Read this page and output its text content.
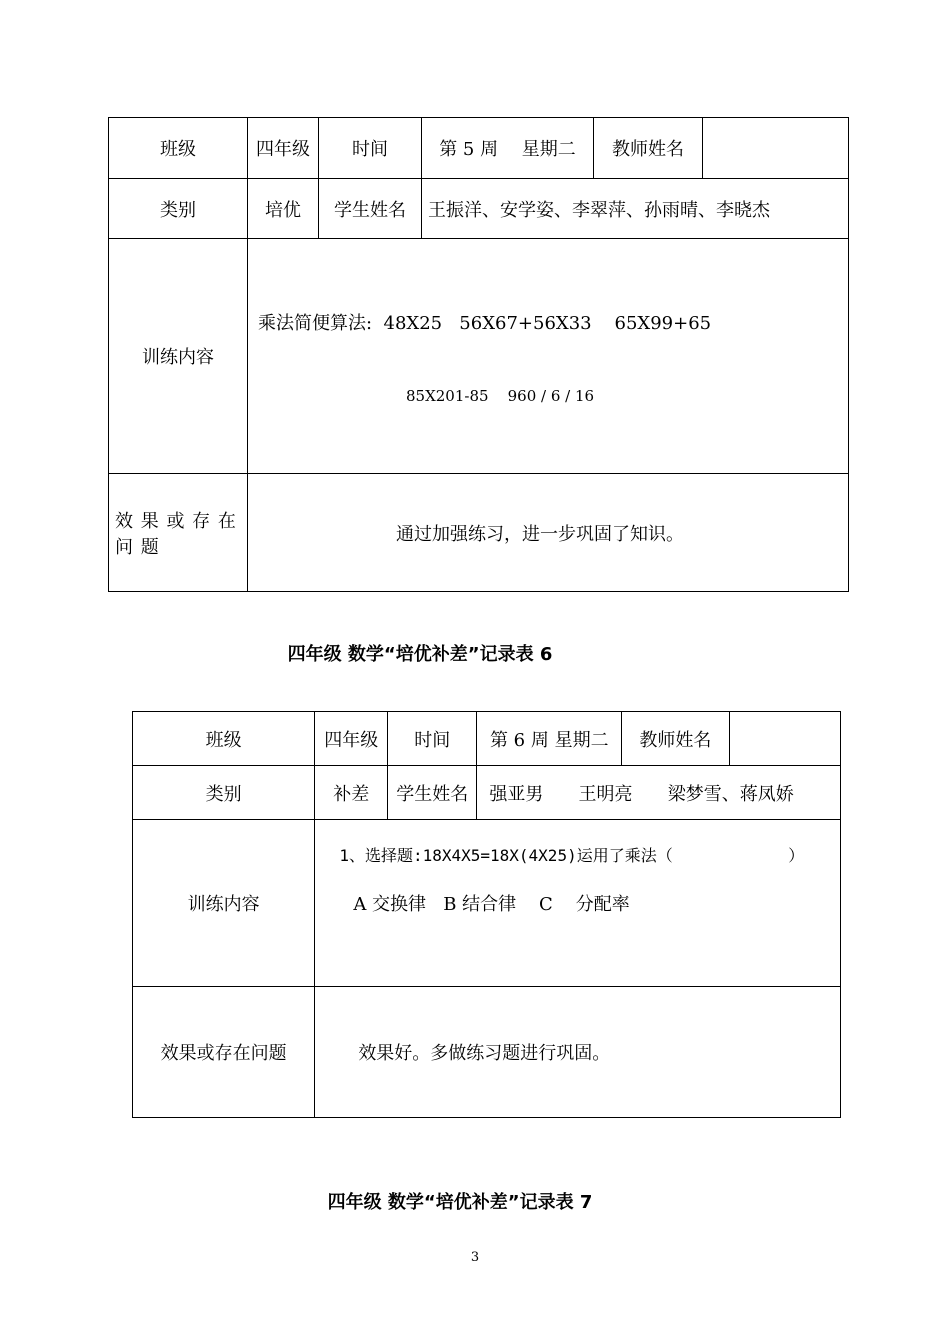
班级	四年级	时间	第 5 周　 星期二	教师姓名	
类别	培优	学生姓名	王振洋、安学姿、李翠萍、孙雨晴、李晓杰		
训练内容	乘法简便算法:  48X25   56X67+56X33    65X99+65
85X201-85    960 / 6 / 16				

效 果 或 存 在 问 题	通过加强练习，进一步巩固了知识。				
四年级 数学“培优补差”记录表 6
班级	四年级	时间	第 6 周 星期二	教师姓名	
类别	补差	学生姓名	强亚男　   王明亮　   梁梦雪、蒋凤娇		
训练内容	1、选择题:18X4X5=18X(4X25)运用了乘法（            ）
A 交换律   B 结合律    C    分配率				

效果或存在问题	效果好。多做练习题进行巩固。				
四年级 数学“培优补差”记录表 7
3
